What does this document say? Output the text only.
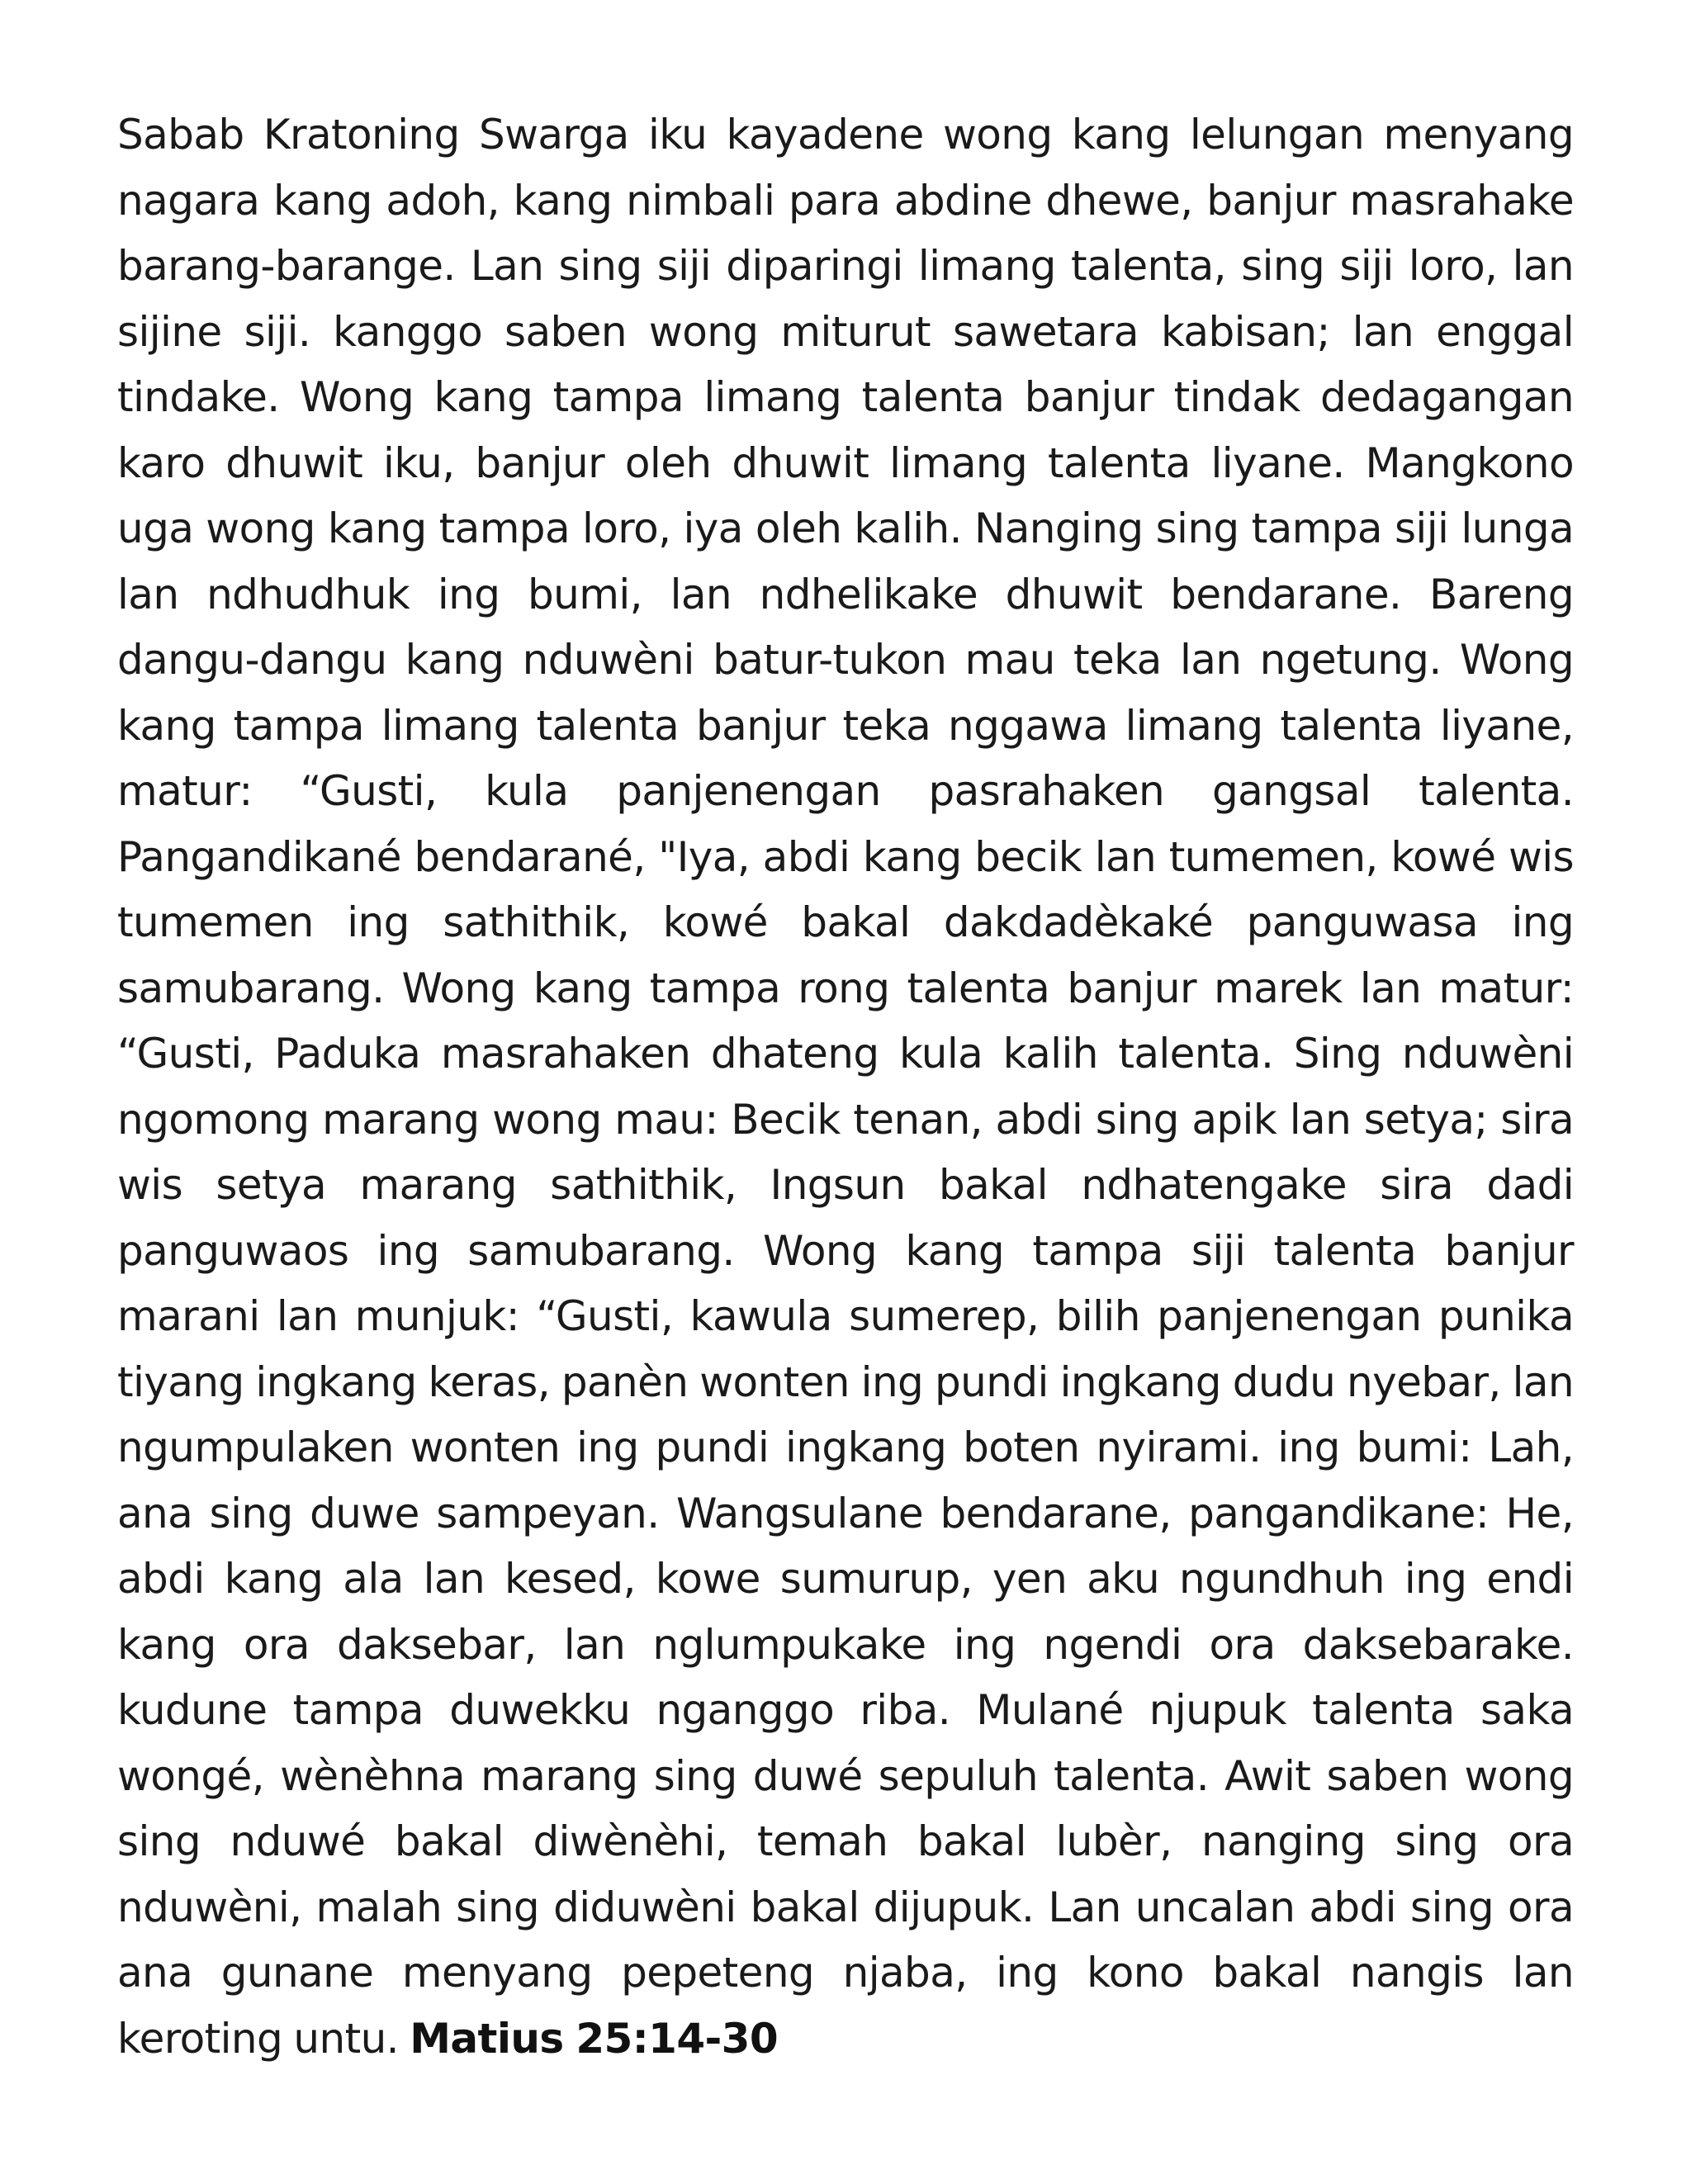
Sabab Kratoning Swarga iku kayadene wong kang lelungan menyang nagara kang adoh, kang nimbali para abdine dhewe, banjur masrahake barang-barange. Lan sing siji diparingi limang talenta, sing siji loro, lan sijine siji. kanggo saben wong miturut sawetara kabisan; lan enggal tindake. Wong kang tampa limang talenta banjur tindak dedagangan karo dhuwit iku, banjur oleh dhuwit limang talenta liyane. Mangkono uga wong kang tampa loro, iya oleh kalih. Nanging sing tampa siji lunga lan ndhudhuk ing bumi, lan ndhelikake dhuwit bendarane. Bareng dangu-dangu kang nduwèni batur-tukon mau teka lan ngetung. Wong kang tampa limang talenta banjur teka nggawa limang talenta liyane, matur: “Gusti, kula panjenengan pasrahaken gangsal talenta. Pangandikané bendarané, "Iya, abdi kang becik lan tumemen, kowé wis tumemen ing sathithik, kowé bakal dakdadèkaké panguwasa ing samubarang. Wong kang tampa rong talenta banjur marek lan matur: “Gusti, Paduka masrahaken dhateng kula kalih talenta. Sing nduwèni ngomong marang wong mau: Becik tenan, abdi sing apik lan setya; sira wis setya marang sathithik, Ingsun bakal ndhatengake sira dadi panguwaos ing samubarang. Wong kang tampa siji talenta banjur marani lan munjuk: “Gusti, kawula sumerep, bilih panjenengan punika tiyang ingkang keras, panèn wonten ing pundi ingkang dudu nyebar, lan ngumpulaken wonten ing pundi ingkang boten nyirami. ing bumi: Lah, ana sing duwe sampeyan. Wangsulane bendarane, pangandikane: He, abdi kang ala lan kesed, kowe sumurup, yen aku ngundhuh ing endi kang ora daksebar, lan nglumpukake ing ngendi ora daksebarake. kudune tampa duwekku nganggo riba. Mulané njupuk talenta saka wongé, wènèhna marang sing duwé sepuluh talenta. Awit saben wong sing nduwé bakal diwènèhi, temah bakal lubèr, nanging sing ora nduwèni, malah sing diduwèni bakal dijupuk. Lan uncalan abdi sing ora ana gunane menyang pepeteng njaba, ing kono bakal nangis lan keroting untu. Matius 25:14-30
